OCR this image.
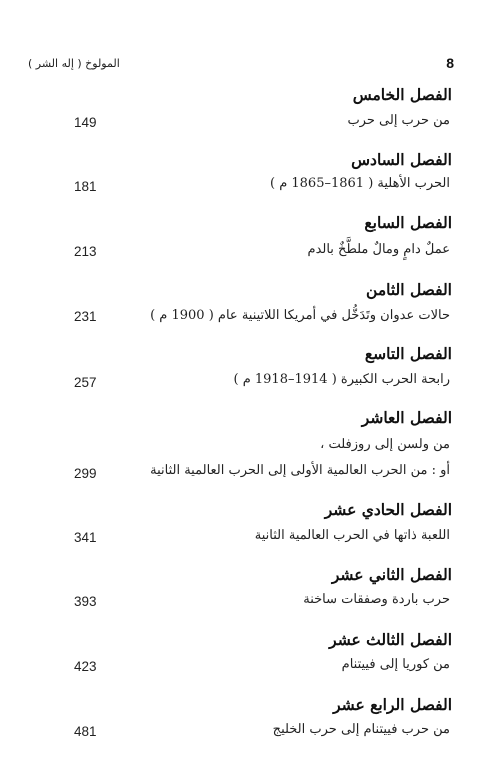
8
المولوخ ( إله الشر )
الفصل الخامس
من حرب إلى حرب
149
الفصل السادس
الحرب الأهلية ( 1861–1865 م )
181
الفصل السابع
عملٌ دامٍ ومالٌ ملطَّخٌ بالدم
213
الفصل الثامن
حالات عدوان وتَدَخُّل في أمريكا اللاتينية عام ( 1900 م )
231
الفصل التاسع
رابحة الحرب الكبيرة ( 1914–1918 م )
257
الفصل العاشر
من ولسن إلى روزفلت ،
أو : من الحرب العالمية الأولى إلى الحرب العالمية الثانية
299
الفصل الحادي عشر
اللعبة ذاتها في الحرب العالمية الثانية
341
الفصل الثاني عشر
حرب باردة وصفقات ساخنة
393
الفصل الثالث عشر
من كوريا إلى فييتنام
423
الفصل الرابع عشر
من حرب فييتنام إلى حرب الخليج
481
